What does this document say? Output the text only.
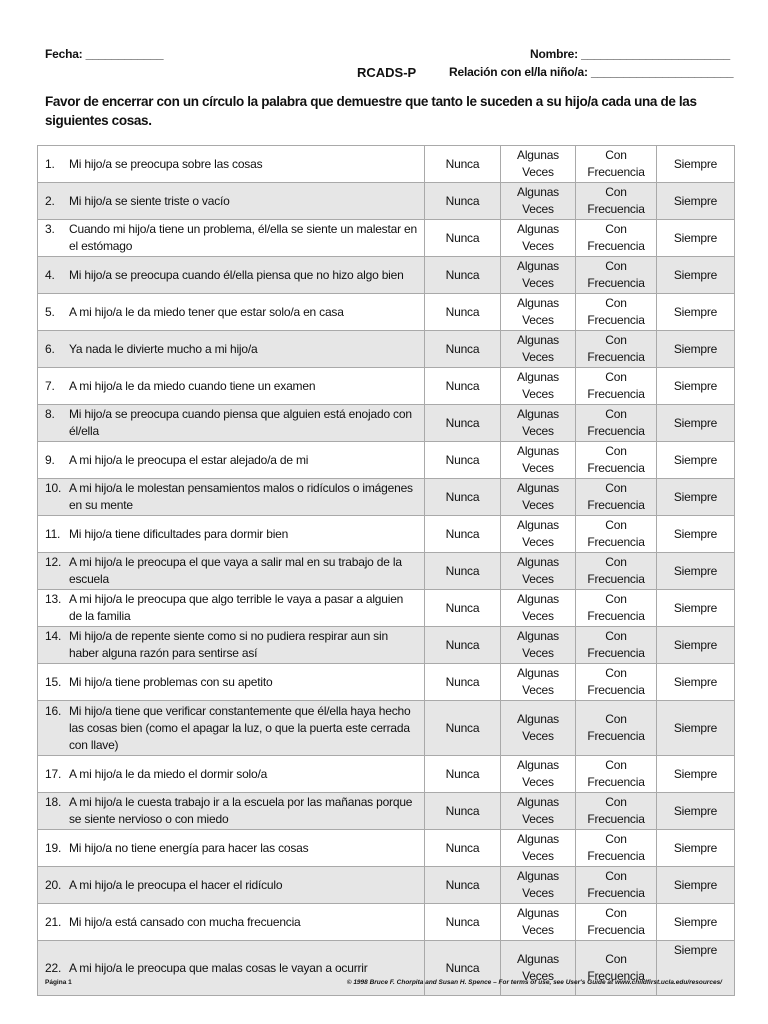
Fecha: ____________	Nombre: _______________________
RCADS-P	Relación con el/la niño/a: ______________________
Favor de encerrar con un círculo la palabra que demuestre que tanto le suceden a su hijo/a cada una de las siguientes cosas.
1. Mi hijo/a se preocupa sobre las cosas	Nunca	Algunas Veces	Con Frecuencia	Siempre

2. Mi hijo/a se siente triste o vacío	Nunca	Algunas Veces	Con Frecuencia	Siempre

3. Cuando mi hijo/a tiene un problema, él/ella se siente un malestar en el estómago	Nunca	Algunas Veces	Con Frecuencia	Siempre

4. Mi hijo/a se preocupa cuando él/ella piensa que no hizo algo bien	Nunca	Algunas Veces	Con Frecuencia	Siempre

5. A mi hijo/a le da miedo tener que estar solo/a en casa	Nunca	Algunas Veces	Con Frecuencia	Siempre

6. Ya nada le divierte mucho a mi hijo/a	Nunca	Algunas Veces	Con Frecuencia	Siempre

7. A mi hijo/a le da miedo cuando tiene un examen	Nunca	Algunas Veces	Con Frecuencia	Siempre

8. Mi hijo/a se preocupa cuando piensa que alguien está enojado con él/ella	Nunca	Algunas Veces	Con Frecuencia	Siempre

9. A mi hijo/a le preocupa el estar alejado/a de mi	Nunca	Algunas Veces	Con Frecuencia	Siempre

10. A mi hijo/a le molestan pensamientos malos o ridículos o imágenes en su mente	Nunca	Algunas Veces	Con Frecuencia	Siempre

11. Mi hijo/a tiene dificultades para dormir bien	Nunca	Algunas Veces	Con Frecuencia	Siempre

12. A mi hijo/a le preocupa el que vaya a salir mal en su trabajo de la escuela	Nunca	Algunas Veces	Con Frecuencia	Siempre

13. A mi hijo/a le preocupa que algo terrible le vaya a pasar a alguien de la familia	Nunca	Algunas Veces	Con Frecuencia	Siempre

14. Mi hijo/a de repente siente como si no pudiera respirar aun sin haber alguna razón para sentirse así	Nunca	Algunas Veces	Con Frecuencia	Siempre

15. Mi hijo/a tiene problemas con su apetito	Nunca	Algunas Veces	Con Frecuencia	Siempre

16. Mi hijo/a tiene que verificar constantemente que él/ella haya hecho las cosas bien (como el apagar la luz, o que la puerta este cerrada con llave)	Nunca	Algunas Veces	Con Frecuencia	Siempre

17. A mi hijo/a le da miedo el dormir solo/a	Nunca	Algunas Veces	Con Frecuencia	Siempre

18. A mi hijo/a le cuesta trabajo ir a la escuela por las mañanas porque se siente nervioso o con miedo	Nunca	Algunas Veces	Con Frecuencia	Siempre

19. Mi hijo/a no tiene energía para hacer las cosas	Nunca	Algunas Veces	Con Frecuencia	Siempre

20. A mi hijo/a le preocupa el hacer el ridículo	Nunca	Algunas Veces	Con Frecuencia	Siempre

21. Mi hijo/a está cansado con mucha frecuencia	Nunca	Algunas Veces	Con Frecuencia	Siempre

22. A mi hijo/a le preocupa que malas cosas le vayan a ocurrir	Nunca	Algunas Veces	Con Frecuencia	Siempre
Página 1	© 1998 Bruce F. Chorpita and Susan H. Spence – For terms of use, see User's Guide at www.childfirst.ucla.edu/resources/
